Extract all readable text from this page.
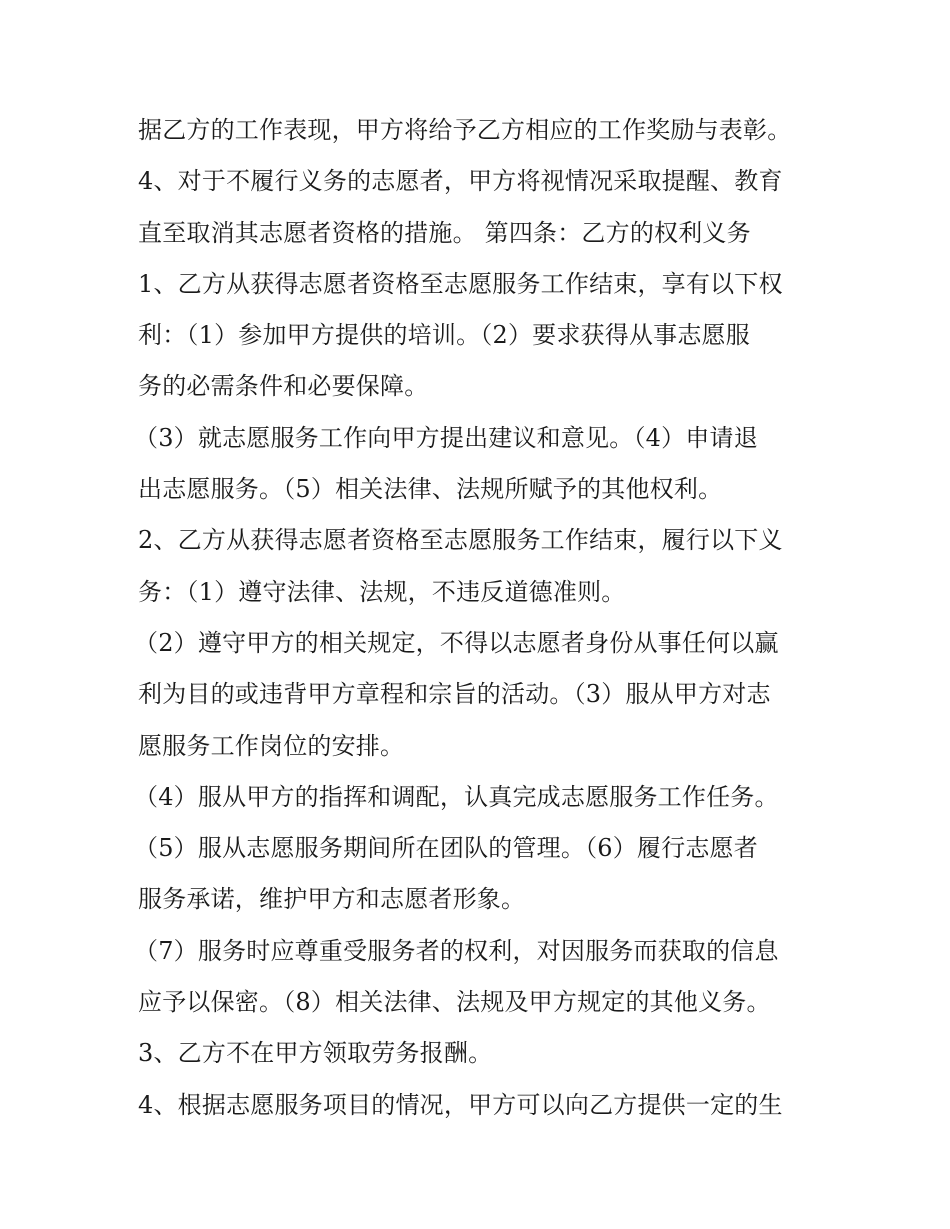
据乙方的工作表现，甲方将给予乙方相应的工作奖励与表彰。
4、对于不履行义务的志愿者，甲方将视情况采取提醒、教育
直至取消其志愿者资格的措施。 第四条：乙方的权利义务
1、乙方从获得志愿者资格至志愿服务工作结束，享有以下权
利：（1）参加甲方提供的培训。（2）要求获得从事志愿服
务的必需条件和必要保障。
（3）就志愿服务工作向甲方提出建议和意见。（4）申请退
出志愿服务。（5）相关法律、法规所赋予的其他权利。
2、乙方从获得志愿者资格至志愿服务工作结束，履行以下义
务：（1）遵守法律、法规，不违反道德准则。
（2）遵守甲方的相关规定，不得以志愿者身份从事任何以赢
利为目的或违背甲方章程和宗旨的活动。（3）服从甲方对志
愿服务工作岗位的安排。
（4）服从甲方的指挥和调配，认真完成志愿服务工作任务。
（5）服从志愿服务期间所在团队的管理。（6）履行志愿者
服务承诺，维护甲方和志愿者形象。
（7）服务时应尊重受服务者的权利，对因服务而获取的信息
应予以保密。（8）相关法律、法规及甲方规定的其他义务。
3、乙方不在甲方领取劳务报酬。
4、根据志愿服务项目的情况，甲方可以向乙方提供一定的生
